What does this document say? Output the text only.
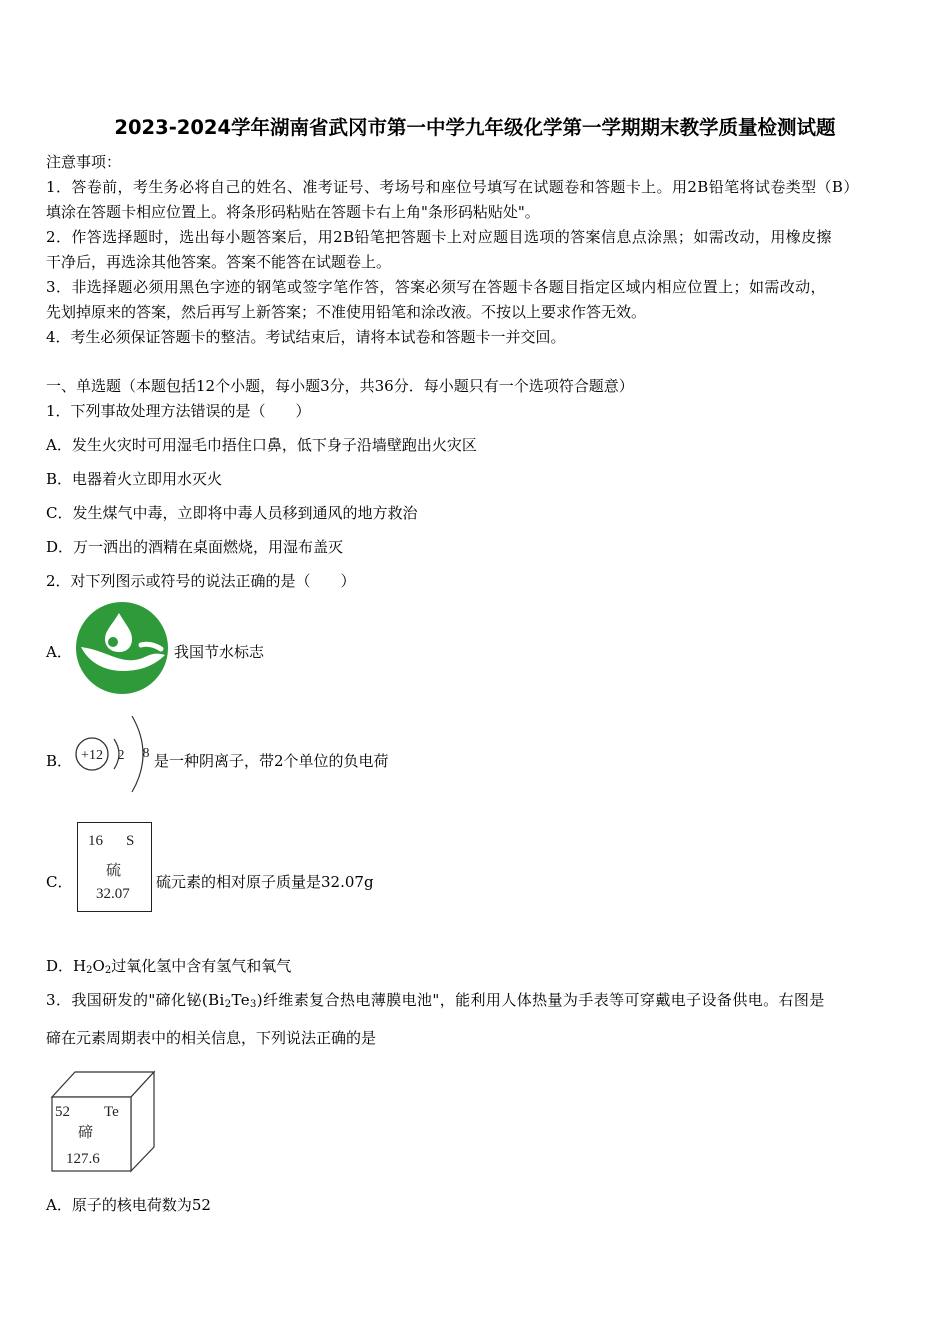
2023-2024学年湖南省武冈市第一中学九年级化学第一学期期末教学质量检测试题
注意事项：
1．答卷前，考生务必将自己的姓名、准考证号、考场号和座位号填写在试题卷和答题卡上。用2B铅笔将试卷类型（B）
填涂在答题卡相应位置上。将条形码粘贴在答题卡右上角"条形码粘贴处"。
2．作答选择题时，选出每小题答案后，用2B铅笔把答题卡上对应题目选项的答案信息点涂黑；如需改动，用橡皮擦
干净后，再选涂其他答案。答案不能答在试题卷上。
3．非选择题必须用黑色字迹的钢笔或签字笔作答，答案必须写在答题卡各题目指定区域内相应位置上；如需改动，
先划掉原来的答案，然后再写上新答案；不准使用铅笔和涂改液。不按以上要求作答无效。
4．考生必须保证答题卡的整洁。考试结束后，请将本试卷和答题卡一并交回。
一、单选题（本题包括12个小题，每小题3分，共36分．每小题只有一个选项符合题意）
1．下列事故处理方法错误的是（　　）
A．发生火灾时可用湿毛巾捂住口鼻，低下身子沿墙壁跑出火灾区
B．电器着火立即用水灭火
C．发生煤气中毒，立即将中毒人员移到通风的地方救治
D．万一洒出的酒精在桌面燃烧，用湿布盖灭
2．对下列图示或符号的说法正确的是（　　）
A．	我国节水标志
B． +12 2 8 是一种阴离子，带2个单位的负电荷
C．
16 S
硫
32.07
硫元素的相对原子质量是32.07g
D．$H_2O_2$过氧化氢中含有氢气和氧气
3．我国研发的"碲化铋$(Bi_2Te_3)$纤维素复合热电薄膜电池"，能利用人体热量为手表等可穿戴电子设备供电。右图是
碲在元素周期表中的相关信息，下列说法正确的是
52 Te
碲
127.6
A．原子的核电荷数为52
